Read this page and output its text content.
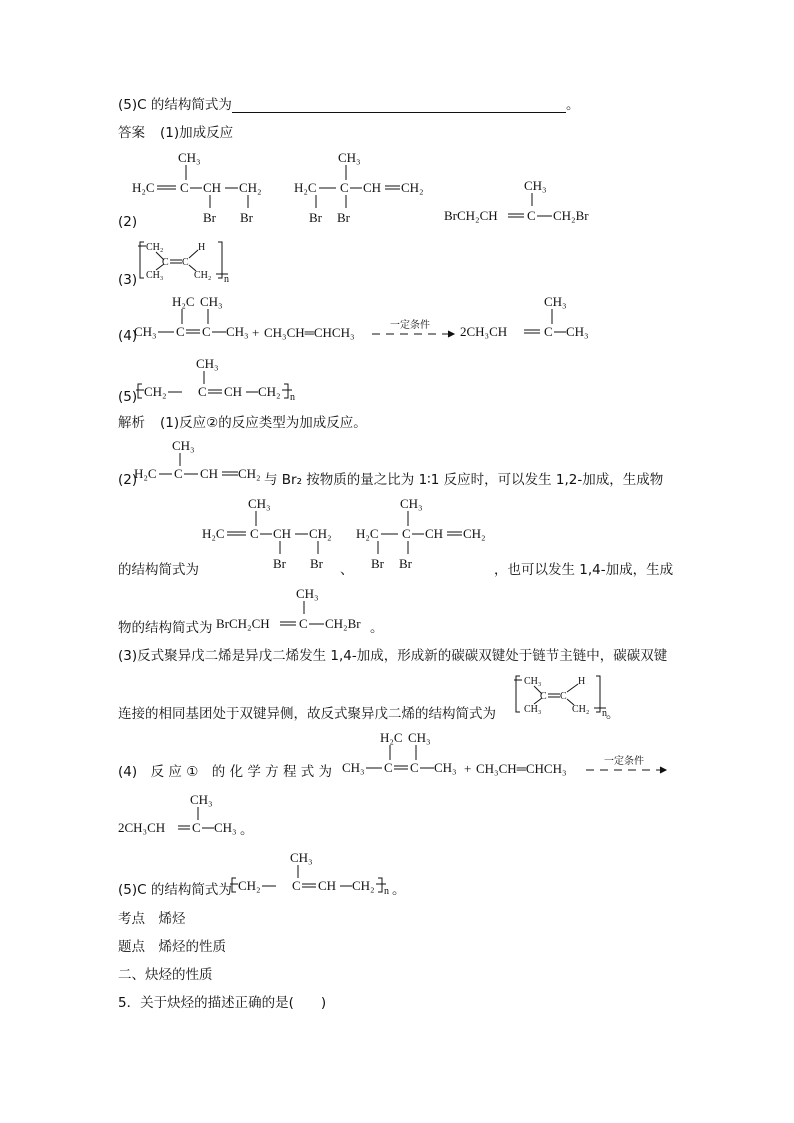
(5)C 的结构简式为	。
答案 (1)加成反应
(2)
CH₃
H₂C C CH CH₂
Br Br
CH₃
H₂C C CH CH₂
Br Br
CH₃
BrCH₂CH C CH₂Br
(3)
CH₂
C C
H
CH₃	CH₂ n
(4)
H₂C CH₃
CH₃ C C CH₃ + CH₃CH═CHCH₃	一定条件
CH₃
2CH₃CH	C CH₃
(5) CH₂
CH₃
C CH CH₂ n
解析 (1)反应②的反应类型为加成反应。
(2)
CH₃
H₂C C CH CH₂ 与 Br₂ 按物质的量之比为 1∶1 反应时，可以发生 1,2-加成，生成物
CH₃
H₂C C CH CH₂
Br Br
CH₃
H₂C C CH CH₂
Br Br
的结构简式为	、	，也可以发生 1,4-加成，生成
物的结构简式为
CH₃
BrCH₂CH C CH₂Br 。
(3)反式聚异戊二烯是异戊二烯发生 1,4-加成，形成新的碳碳双键处于链节主链中，碳碳双键
连接的相同基团处于双键异侧，故反式聚异戊二烯的结构简式为
CH₃
C C
H
CH₃	CH₂ n 。
(4)　反 应 ①　的 化 学 方 程 式 为
H₂C CH₃
CH₃ C C CH₃ + CH₃CH═CHCH₃	一定条件
CH₃
2CH₃CH C CH₃ 。
(5)C 的结构简式为 CH₂
CH₃
C CH CH₂ n 。
考点　烯烃
题点　烯烃的性质
二、炔烃的性质
5．关于炔烃的描述正确的是(　　)
